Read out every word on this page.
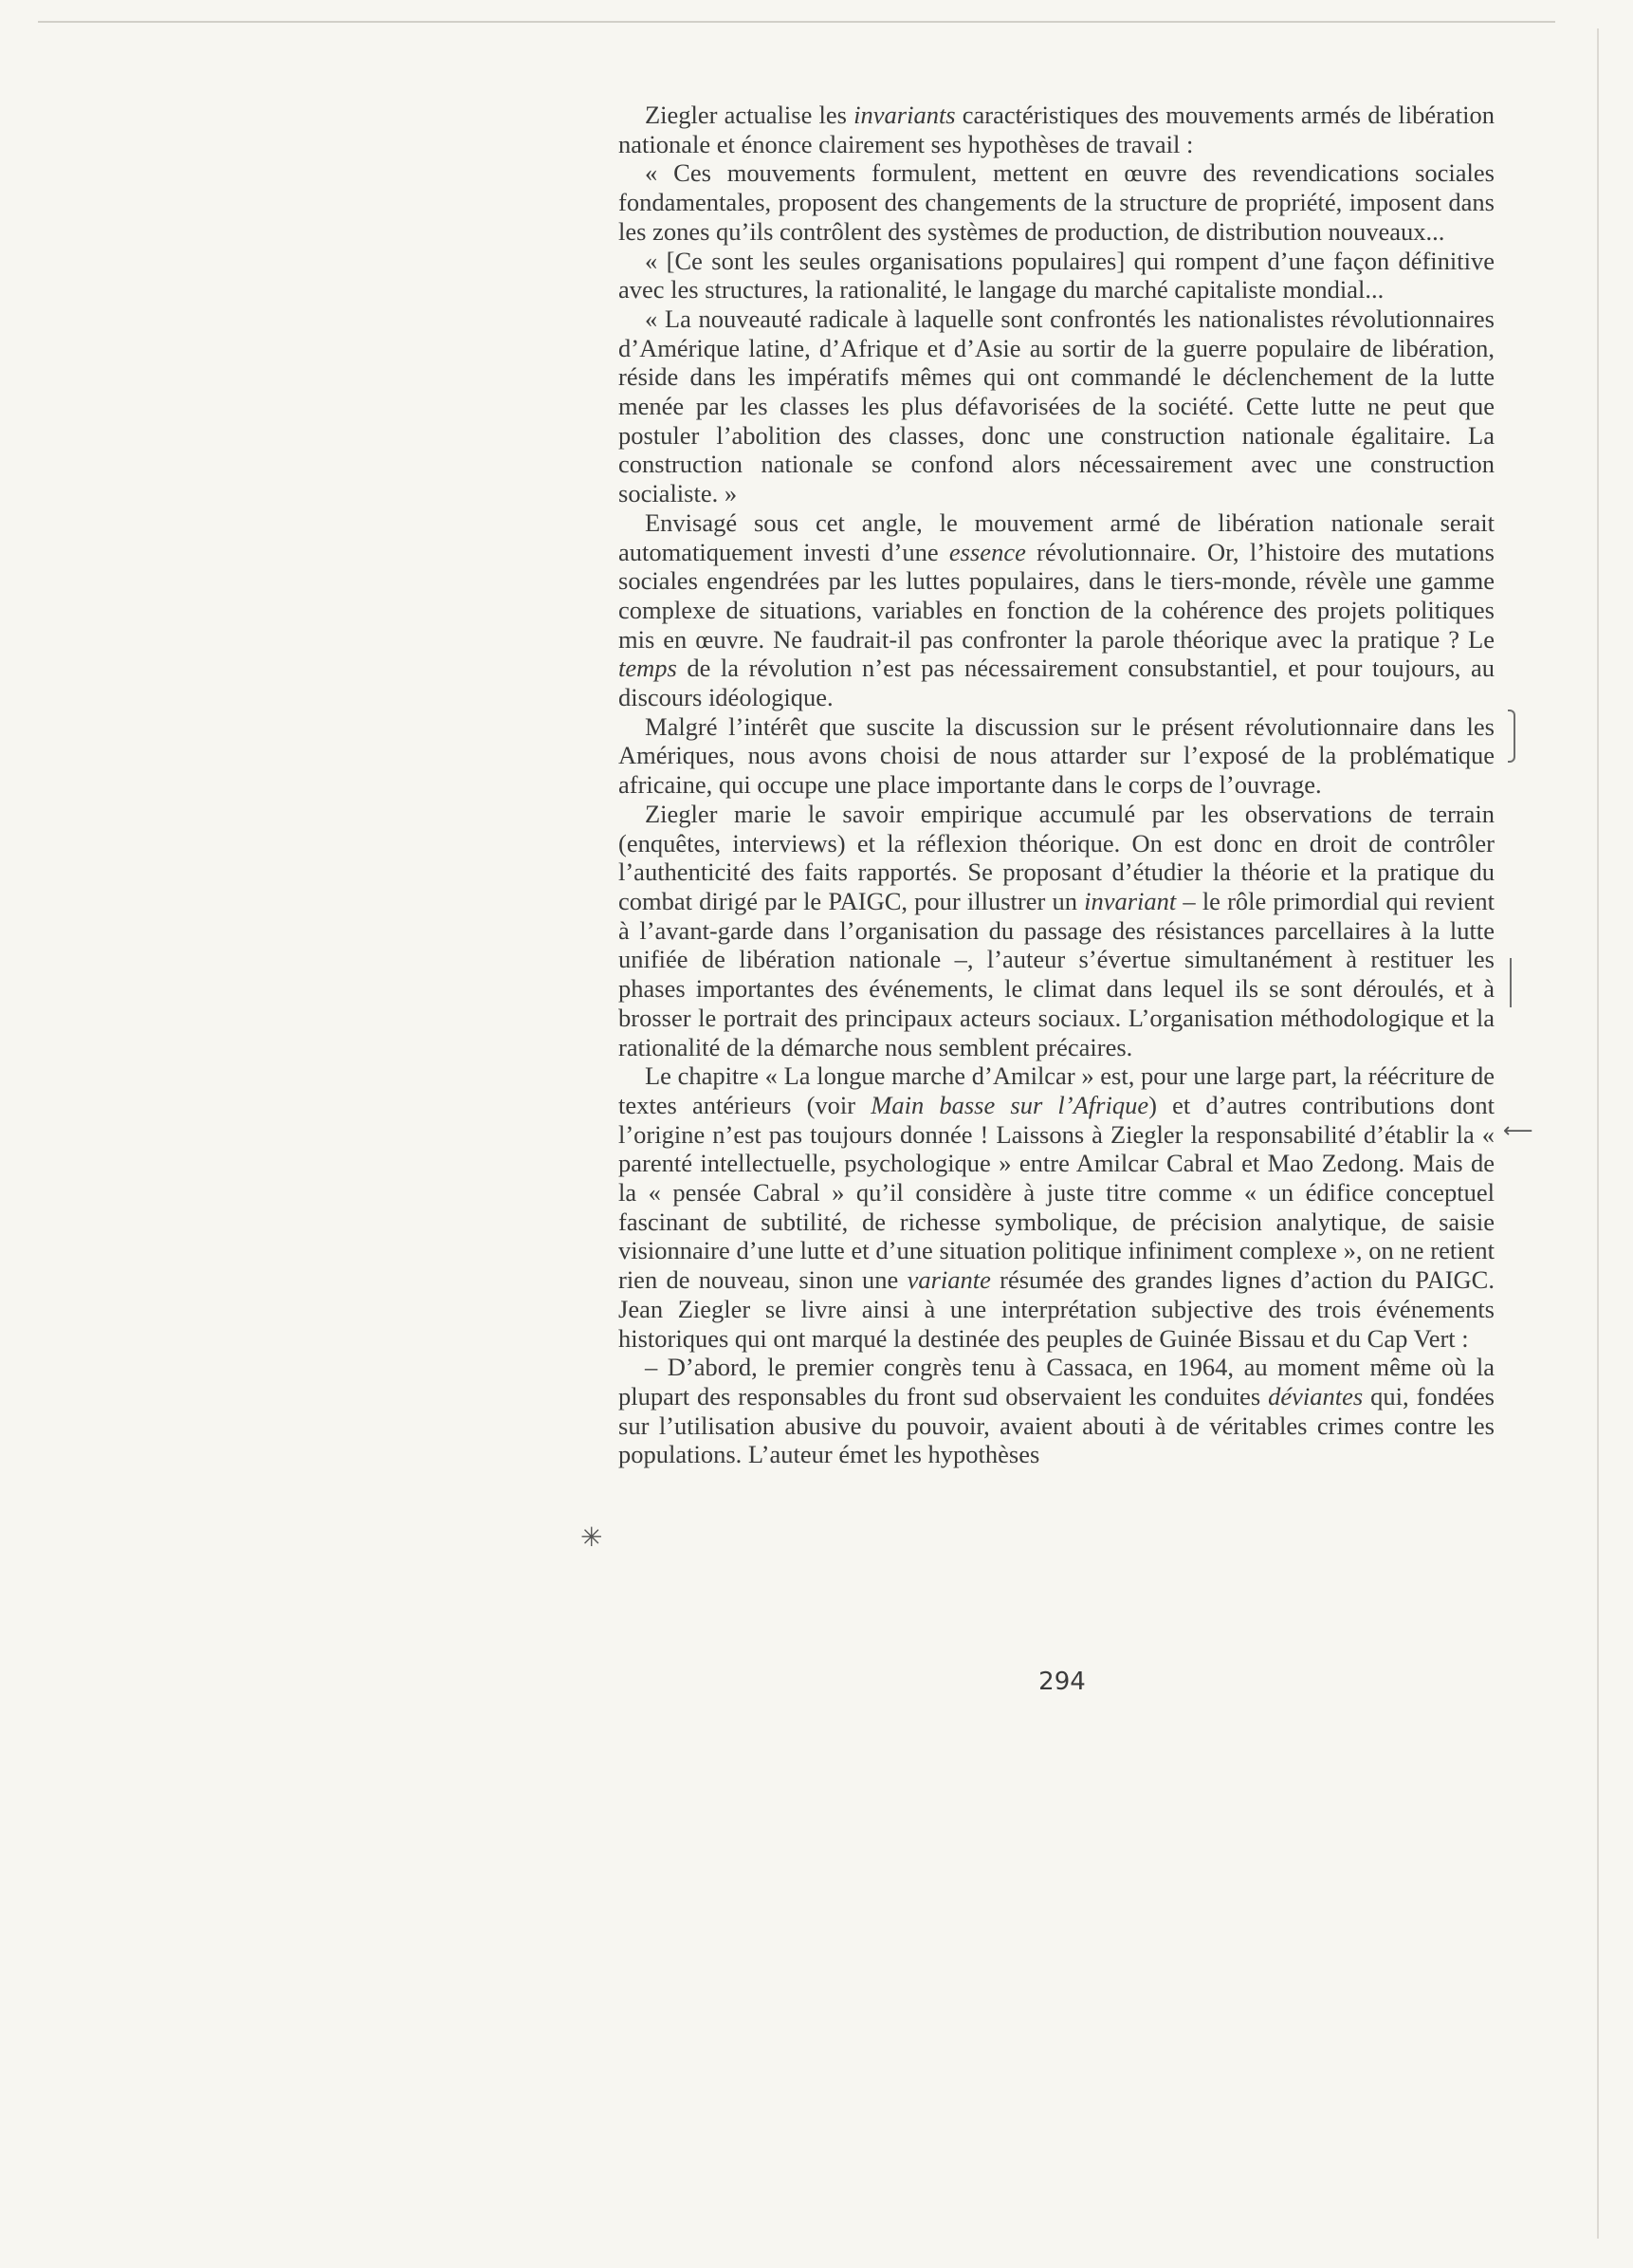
Ziegler actualise les invariants caractéristiques des mouvements armés de libération nationale et énonce clairement ses hypothèses de travail :

« Ces mouvements formulent, mettent en œuvre des revendications sociales fondamentales, proposent des changements de la structure de propriété, imposent dans les zones qu’ils contrôlent des systèmes de production, de distribution nouveaux...

« [Ce sont les seules organisations populaires] qui rompent d’une façon définitive avec les structures, la rationalité, le langage du marché capitaliste mondial...

« La nouveauté radicale à laquelle sont confrontés les nationalistes révolutionnaires d’Amérique latine, d’Afrique et d’Asie au sortir de la guerre populaire de libération, réside dans les impératifs mêmes qui ont commandé le déclenchement de la lutte menée par les classes les plus défavorisées de la société. Cette lutte ne peut que postuler l’abolition des classes, donc une construction nationale égalitaire. La construction nationale se confond alors nécessairement avec une construction socialiste. »

Envisagé sous cet angle, le mouvement armé de libération nationale serait automatiquement investi d’une essence révolutionnaire. Or, l’histoire des mutations sociales engendrées par les luttes populaires, dans le tiers-monde, révèle une gamme complexe de situations, variables en fonction de la cohérence des projets politiques mis en œuvre. Ne faudrait-il pas confronter la parole théorique avec la pratique ? Le temps de la révolution n’est pas nécessairement consubstantiel, et pour toujours, au discours idéologique.

Malgré l’intérêt que suscite la discussion sur le présent révolutionnaire dans les Amériques, nous avons choisi de nous attarder sur l’exposé de la problématique africaine, qui occupe une place importante dans le corps de l’ouvrage.

Ziegler marie le savoir empirique accumulé par les observations de terrain (enquêtes, interviews) et la réflexion théorique. On est donc en droit de contrôler l’authenticité des faits rapportés. Se proposant d’étudier la théorie et la pratique du combat dirigé par le PAIGC, pour illustrer un invariant – le rôle primordial qui revient à l’avant-garde dans l’organisation du passage des résistances parcellaires à la lutte unifiée de libération nationale –, l’auteur s’évertue simultanément à restituer les phases importantes des événements, le climat dans lequel ils se sont déroulés, et à brosser le portrait des principaux acteurs sociaux. L’organisation méthodologique et la rationalité de la démarche nous semblent précaires.

Le chapitre « La longue marche d’Amilcar » est, pour une large part, la réécriture de textes antérieurs (voir Main basse sur l’Afrique) et d’autres contributions dont l’origine n’est pas toujours donnée ! Laissons à Ziegler la responsabilité d’établir la « parenté intellectuelle, psychologique » entre Amilcar Cabral et Mao Zedong. Mais de la « pensée Cabral » qu’il considère à juste titre comme « un édifice conceptuel fascinant de subtilité, de richesse symbolique, de précision analytique, de saisie visionnaire d’une lutte et d’une situation politique infiniment complexe », on ne retient rien de nouveau, sinon une variante résumée des grandes lignes d’action du PAIGC. Jean Ziegler se livre ainsi à une interprétation subjective des trois événements historiques qui ont marqué la destinée des peuples de Guinée Bissau et du Cap Vert :

– D’abord, le premier congrès tenu à Cassaca, en 1964, au moment même où la plupart des responsables du front sud observaient les conduites déviantes qui, fondées sur l’utilisation abusive du pouvoir, avaient abouti à de véritables crimes contre les populations. L’auteur émet les hypothèses

294
⟵
✳
